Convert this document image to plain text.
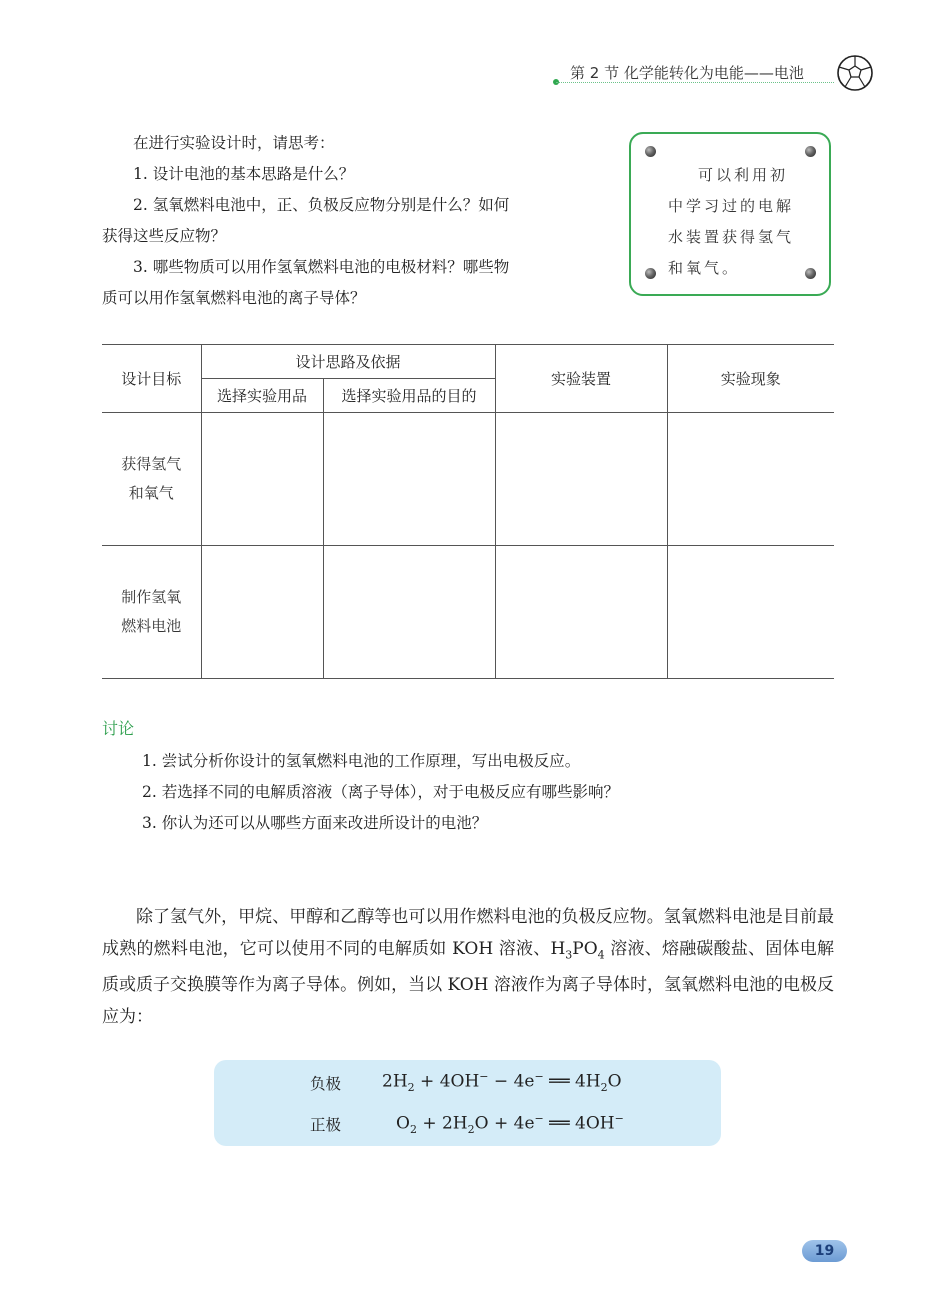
第 2 节 化学能转化为电能——电池

在进行实验设计时，请思考：

1. 设计电池的基本思路是什么？

2. 氢氧燃料电池中，正、负极反应物分别是什么？如何

获得这些反应物？

3. 哪些物质可以用作氢氧燃料电池的电极材料？哪些物

质可以用作氢氧燃料电池的离子导体？

可以利用初
中学习过的电解
水装置获得氢气
和氧气。
设计目标	设计思路及依据		实验装置	实验现象
	选择实验用品	选择实验用品的目的		

获得氢气
和氧气				

制作氢氧
燃料电池				

讨论

1. 尝试分析你设计的氢氧燃料电池的工作原理，写出电极反应。

2. 若选择不同的电解质溶液（离子导体），对于电极反应有哪些影响？

3. 你认为还可以从哪些方面来改进所设计的电池？

除了氢气外，甲烷、甲醇和乙醇等也可以用作燃料电池的负极反应物。氢氧燃料电池是目前最成熟的燃料电池，它可以使用不同的电解质如 KOH 溶液、$H_3PO_4$ 溶液、熔融碳酸盐、固体电解质或质子交换膜等作为离子导体。例如，当以 KOH 溶液作为离子导体时，氢氧燃料电池的电极反应为：

负极 $2H_2 + 4OH^- - 4e^-$ ══ $4H_2O$
正极	$O_2 + 2H_2O + 4e^-$ ══ 4OH−
19
